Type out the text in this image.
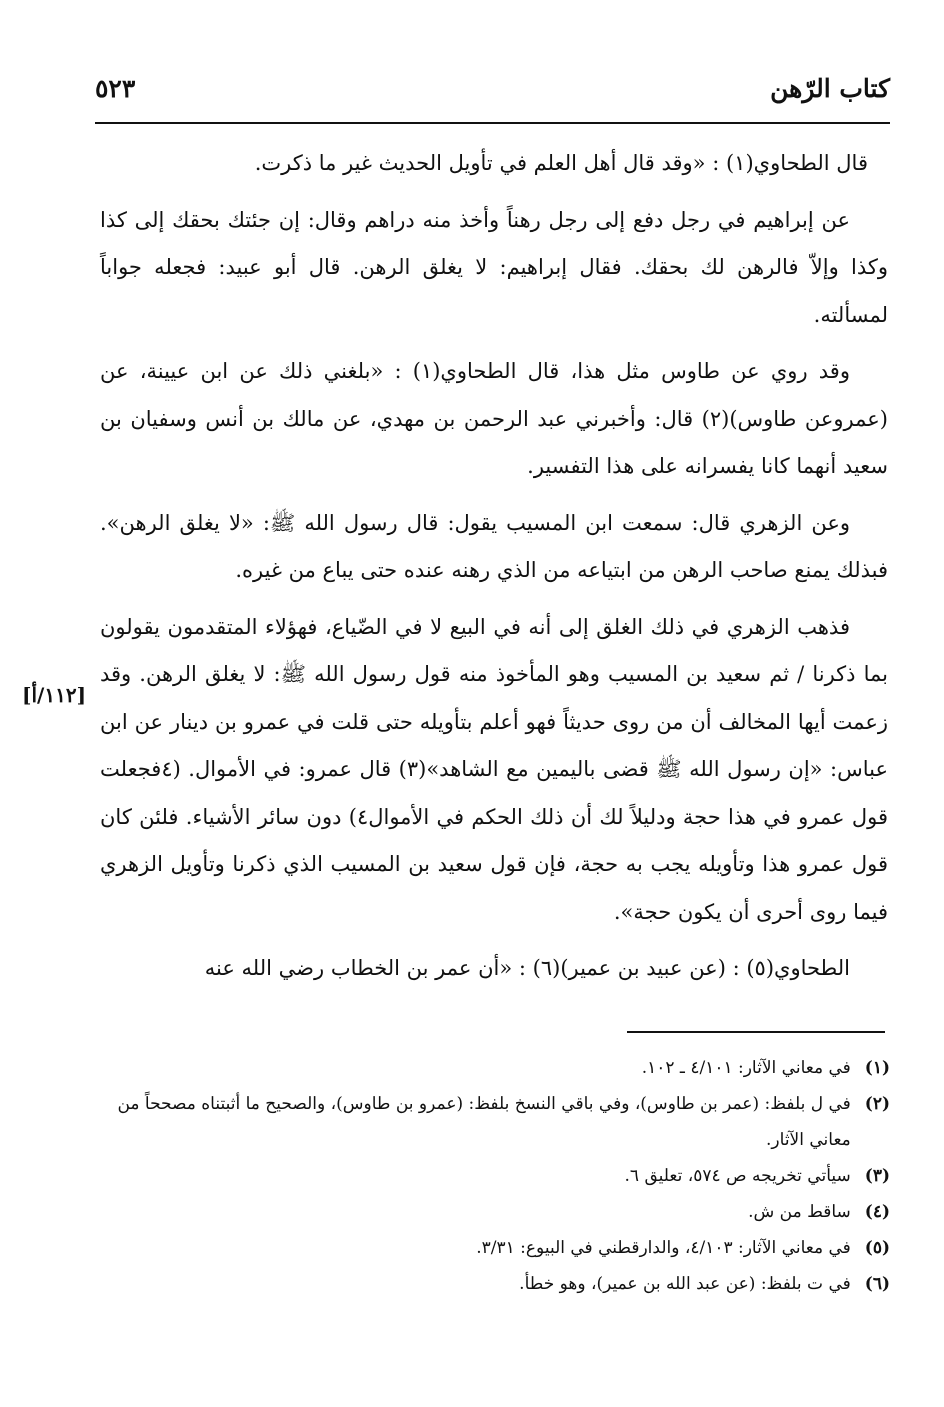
كتاب الرّهن
٥٢٣

قال الطحاوي(١) : «وقد قال أهل العلم في تأويل الحديث غير ما ذكرت.

عن إبراهيم في رجل دفع إلى رجل رهناً وأخذ منه دراهم وقال: إن جئتك بحقك إلى كذا وكذا وإلاّ فالرهن لك بحقك. فقال إبراهيم: لا يغلق الرهن. قال أبو عبيد: فجعله جواباً لمسألته.

وقد روي عن طاوس مثل هذا، قال الطحاوي(١) : «بلغني ذلك عن ابن عيينة، عن (عمروعن طاوس)(٢) قال: وأخبرني عبد الرحمن بن مهدي، عن مالك بن أنس وسفيان بن سعيد أنهما كانا يفسرانه على هذا التفسير.

وعن الزهري قال: سمعت ابن المسيب يقول: قال رسول الله ﷺ: «لا يغلق الرهن». فبذلك يمنع صاحب الرهن من ابتياعه من الذي رهنه عنده حتى يباع من غيره.

فذهب الزهري في ذلك الغلق إلى أنه في البيع لا في الضّياع، فهؤلاء المتقدمون يقولون بما ذكرنا / ثم سعيد بن المسيب وهو المأخوذ منه قول رسول الله ﷺ: لا يغلق الرهن. وقد زعمت أيها المخالف أن من روى حديثاً فهو أعلم بتأويله حتى قلت في عمرو بن دينار عن ابن عباس: «إن رسول الله ﷺ قضى باليمين مع الشاهد»(٣) قال عمرو: في الأموال. (٤فجعلت قول عمرو في هذا حجة ودليلاً لك أن ذلك الحكم في الأموال٤) دون سائر الأشياء. فلئن كان قول عمرو هذا وتأويله يجب به حجة، فإن قول سعيد بن المسيب الذي ذكرنا وتأويل الزهري فيما روى أحرى أن يكون حجة».

الطحاوي(٥) : (عن عبيد بن عمير)(٦) : «أن عمر بن الخطاب رضي الله عنه

[١١٢/أ]
(١)
في معاني الآثار: ٤/١٠١ ـ ١٠٢.
(٢)
في ل بلفظ: (عمر بن طاوس)، وفي باقي النسخ بلفظ: (عمرو بن طاوس)، والصحيح ما أثبتناه مصححاً من معاني الآثار.
(٣)
سيأتي تخريجه ص ٥٧٤، تعليق ٦.
(٤)
ساقط من ش.
(٥)
في معاني الآثار: ٤/١٠٣، والدارقطني في البيوع: ٣/٣١.
(٦)
في ت بلفظ: (عن عبد الله بن عمير)، وهو خطأ.
